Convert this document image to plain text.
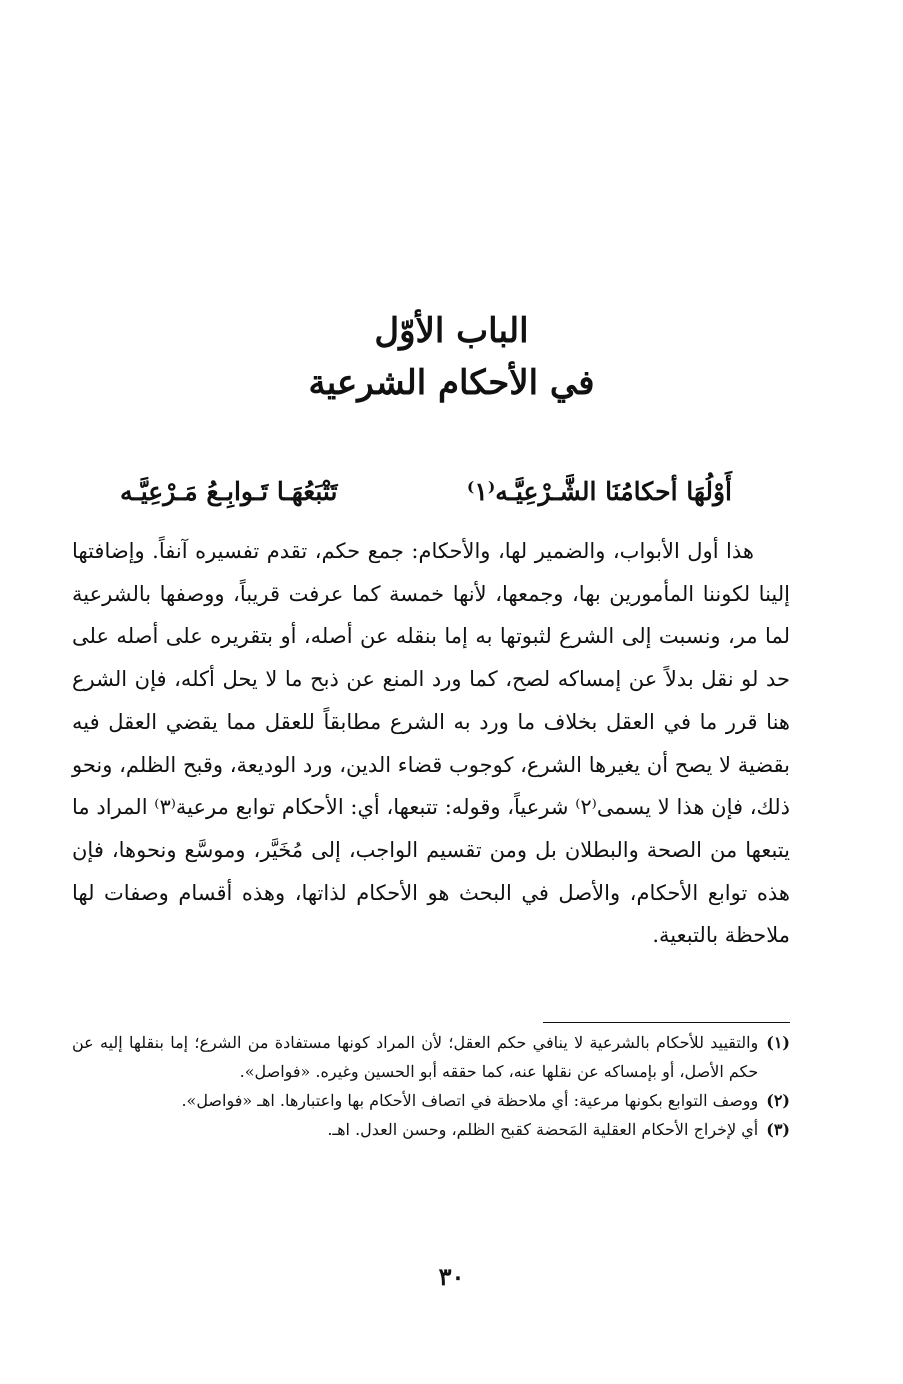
الباب الأوّل
في الأحكام الشرعية
أَوْلُهَا أحكامُنَا الشَّـرْعِيَّـه⁽١⁾
تَتْبَعُهَـا تَـوابِـعُ مَـرْعِيَّـه

هذا أول الأبواب، والضمير لها، والأحكام: جمع حكم، تقدم تفسيره آنفاً. وإضافتها إلينا لكوننا المأمورين بها، وجمعها، لأنها خمسة كما عرفت قريباً، ووصفها بالشرعية لما مر، ونسبت إلى الشرع لثبوتها به إما بنقله عن أصله، أو بتقريره على أصله على حد لو نقل بدلاً عن إمساكه لصح، كما ورد المنع عن ذبح ما لا يحل أكله، فإن الشرع هنا قرر ما في العقل بخلاف ما ورد به الشرع مطابقاً للعقل مما يقضي العقل فيه بقضية لا يصح أن يغيرها الشرع، كوجوب قضاء الدين، ورد الوديعة، وقبح الظلم، ونحو ذلك، فإن هذا لا يسمى⁽٢⁾ شرعياً، وقوله: تتبعها، أي: الأحكام توابع مرعية⁽٣⁾ المراد ما يتبعها من الصحة والبطلان بل ومن تقسيم الواجب، إلى مُخَيَّر، وموسَّع ونحوها، فإن هذه توابع الأحكام، والأصل في البحث هو الأحكام لذاتها، وهذه أقسام وصفات لها ملاحظة بالتبعية.

(١)
والتقييد للأحكام بالشرعية لا ينافي حكم العقل؛ لأن المراد كونها مستفادة من الشرع؛ إما بنقلها إليه عن حكم الأصل، أو بإمساكه عن نقلها عنه، كما حققه أبو الحسين وغيره. «فواصل».
(٢)
ووصف التوابع بكونها مرعية: أي ملاحظة في اتصاف الأحكام بها واعتبارها. اهـ «فواصل».
(٣)
أي لإخراج الأحكام العقلية المَحضة كقبح الظلم، وحسن العدل. اهـ.
٣٠
